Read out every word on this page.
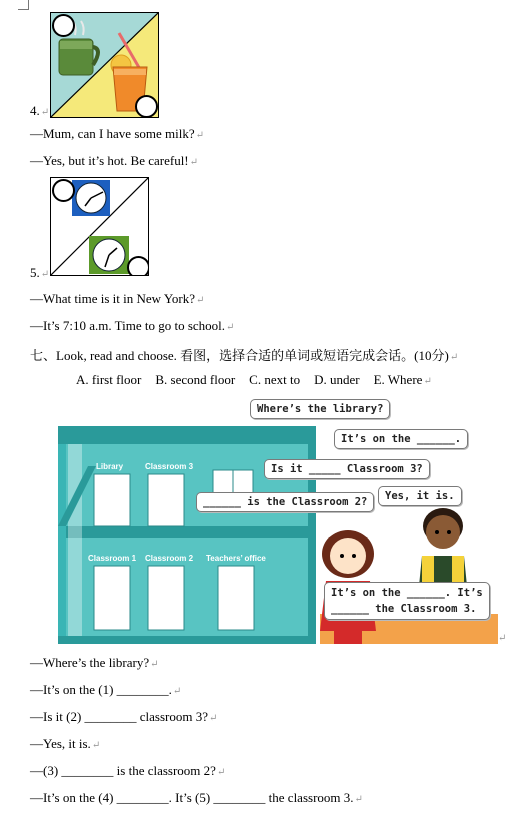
4.↵
—Mum, can I have some milk?↵
—Yes, but it’s hot. Be careful!↵
5.↵
—What time is it in New York?↵
—It’s 7:10 a.m. Time to go to school.↵
七、Look, read and choose. 看图，选择合适的单词或短语完成会话。(10分)↵
A. first floor B. second floor C. next to D. under E. Where↵
Library	Classroom 3
Classroom 1 Classroom 2 Teachers’ office
Where’s the library?
It’s on the ______.
Is it _____ Classroom 3?
______ is the Classroom 2?	Yes, it is.
It’s on the ______. It’s
______ the Classroom 3.
↵
—Where’s the library?↵
—It’s on the (1) ________.↵
—Is it (2) ________ classroom 3?↵
—Yes, it is.↵
—(3) ________ is the classroom 2?↵
—It’s on the (4) ________. It’s (5) ________ the classroom 3.↵
